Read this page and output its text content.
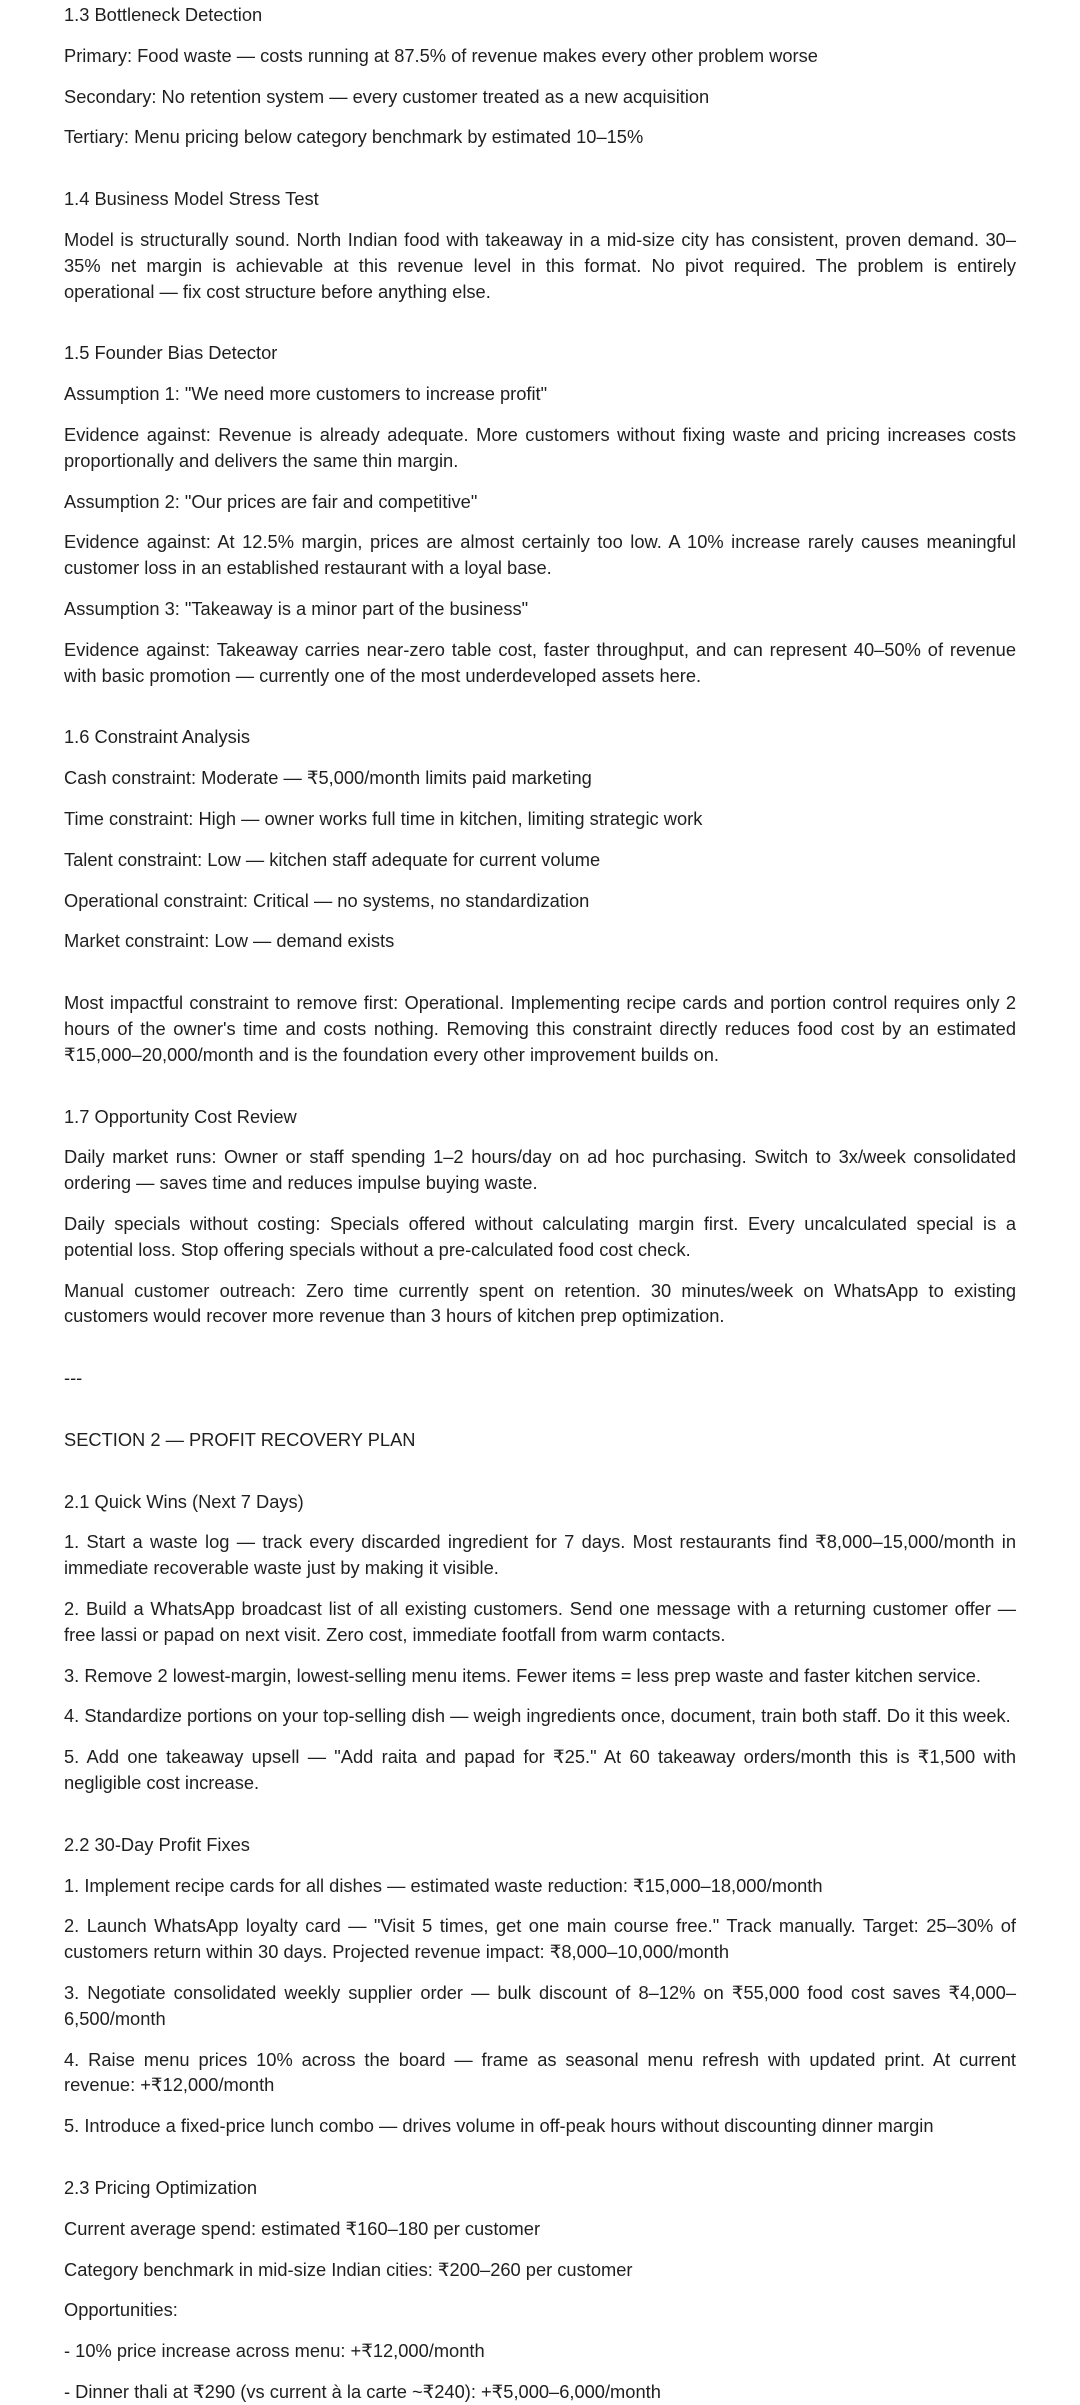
1.3 Bottleneck Detection

Primary: Food waste — costs running at 87.5% of revenue makes every other problem worse

Secondary: No retention system — every customer treated as a new acquisition

Tertiary: Menu pricing below category benchmark by estimated 10–15%

1.4 Business Model Stress Test

Model is structurally sound. North Indian food with takeaway in a mid-size city has consistent, proven demand. 30–35% net margin is achievable at this revenue level in this format. No pivot required. The problem is entirely operational — fix cost structure before anything else.

1.5 Founder Bias Detector

Assumption 1: "We need more customers to increase profit"

Evidence against: Revenue is already adequate. More customers without fixing waste and pricing increases costs proportionally and delivers the same thin margin.

Assumption 2: "Our prices are fair and competitive"

Evidence against: At 12.5% margin, prices are almost certainly too low. A 10% increase rarely causes meaningful customer loss in an established restaurant with a loyal base.

Assumption 3: "Takeaway is a minor part of the business"

Evidence against: Takeaway carries near-zero table cost, faster throughput, and can represent 40–50% of revenue with basic promotion — currently one of the most underdeveloped assets here.

1.6 Constraint Analysis

Cash constraint: Moderate — ₹5,000/month limits paid marketing

Time constraint: High — owner works full time in kitchen, limiting strategic work

Talent constraint: Low — kitchen staff adequate for current volume

Operational constraint: Critical — no systems, no standardization

Market constraint: Low — demand exists

Most impactful constraint to remove first: Operational. Implementing recipe cards and portion control requires only 2 hours of the owner's time and costs nothing. Removing this constraint directly reduces food cost by an estimated ₹15,000–20,000/month and is the foundation every other improvement builds on.

1.7 Opportunity Cost Review

Daily market runs: Owner or staff spending 1–2 hours/day on ad hoc purchasing. Switch to 3x/week consolidated ordering — saves time and reduces impulse buying waste.

Daily specials without costing: Specials offered without calculating margin first. Every uncalculated special is a potential loss. Stop offering specials without a pre-calculated food cost check.

Manual customer outreach: Zero time currently spent on retention. 30 minutes/week on WhatsApp to existing customers would recover more revenue than 3 hours of kitchen prep optimization.

---

SECTION 2 — PROFIT RECOVERY PLAN

2.1 Quick Wins (Next 7 Days)

1. Start a waste log — track every discarded ingredient for 7 days. Most restaurants find ₹8,000–15,000/month in immediate recoverable waste just by making it visible.

2. Build a WhatsApp broadcast list of all existing customers. Send one message with a returning customer offer — free lassi or papad on next visit. Zero cost, immediate footfall from warm contacts.

3. Remove 2 lowest-margin, lowest-selling menu items. Fewer items = less prep waste and faster kitchen service.

4. Standardize portions on your top-selling dish — weigh ingredients once, document, train both staff. Do it this week.

5. Add one takeaway upsell — "Add raita and papad for ₹25." At 60 takeaway orders/month this is ₹1,500 with negligible cost increase.

2.2 30-Day Profit Fixes

1. Implement recipe cards for all dishes — estimated waste reduction: ₹15,000–18,000/month

2. Launch WhatsApp loyalty card — "Visit 5 times, get one main course free." Track manually. Target: 25–30% of customers return within 30 days. Projected revenue impact: ₹8,000–10,000/month

3. Negotiate consolidated weekly supplier order — bulk discount of 8–12% on ₹55,000 food cost saves ₹4,000–6,500/month

4. Raise menu prices 10% across the board — frame as seasonal menu refresh with updated print. At current revenue: +₹12,000/month

5. Introduce a fixed-price lunch combo — drives volume in off-peak hours without discounting dinner margin

2.3 Pricing Optimization

Current average spend: estimated ₹160–180 per customer

Category benchmark in mid-size Indian cities: ₹200–260 per customer

Opportunities:

- 10% price increase across menu: +₹12,000/month

- Dinner thali at ₹290 (vs current à la carte ~₹240): +₹5,000–6,000/month
